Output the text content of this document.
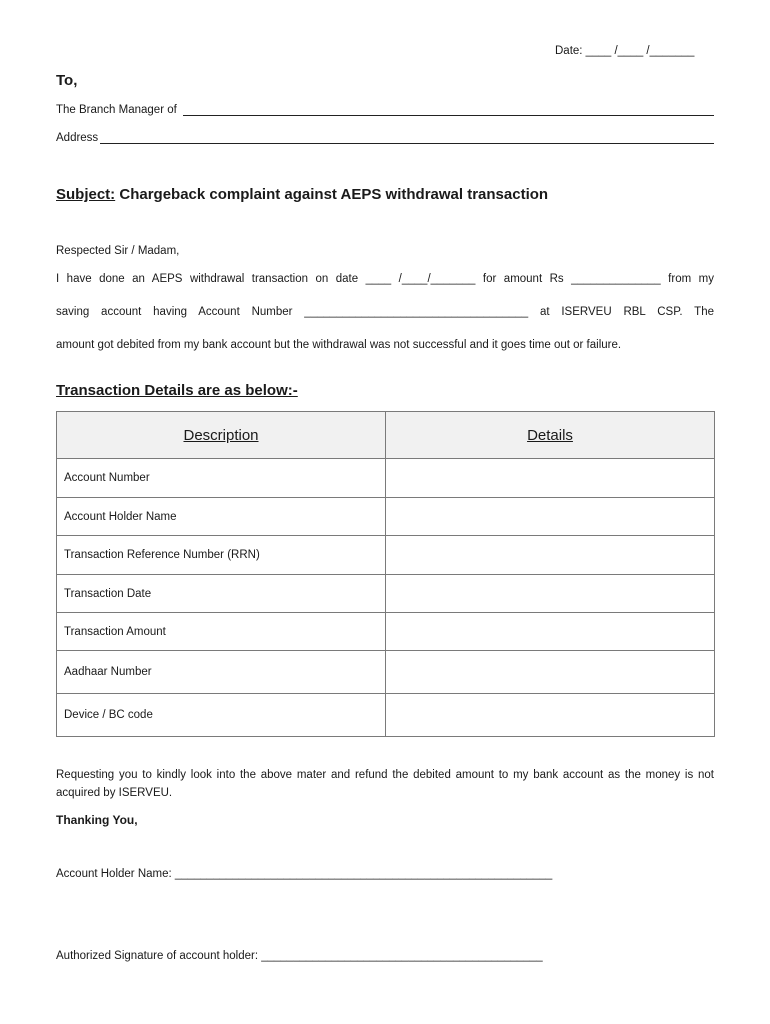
Date: ____ /____ /_______
To,
The Branch Manager of
Address
Subject: Chargeback complaint against AEPS withdrawal transaction
Respected Sir / Madam,
I have done an AEPS withdrawal transaction on date ____ /____/_______ for amount Rs ______________ from my
saving account having Account Number ___________________________________ at ISERVEU RBL CSP. The
amount got debited from my bank account but the withdrawal was not successful and it goes time out or failure.
Transaction Details are as below:-
Description	Details
Account Number	
Account Holder Name	
Transaction Reference Number (RRN)	
Transaction Date	
Transaction Amount	
Aadhaar Number	
Device / BC code	
Requesting you to kindly look into the above mater and refund the debited amount to my bank account as the money is not acquired by ISERVEU.
Thanking You,
Account Holder Name: ___________________________________________________________
Authorized Signature of account holder: ____________________________________________
